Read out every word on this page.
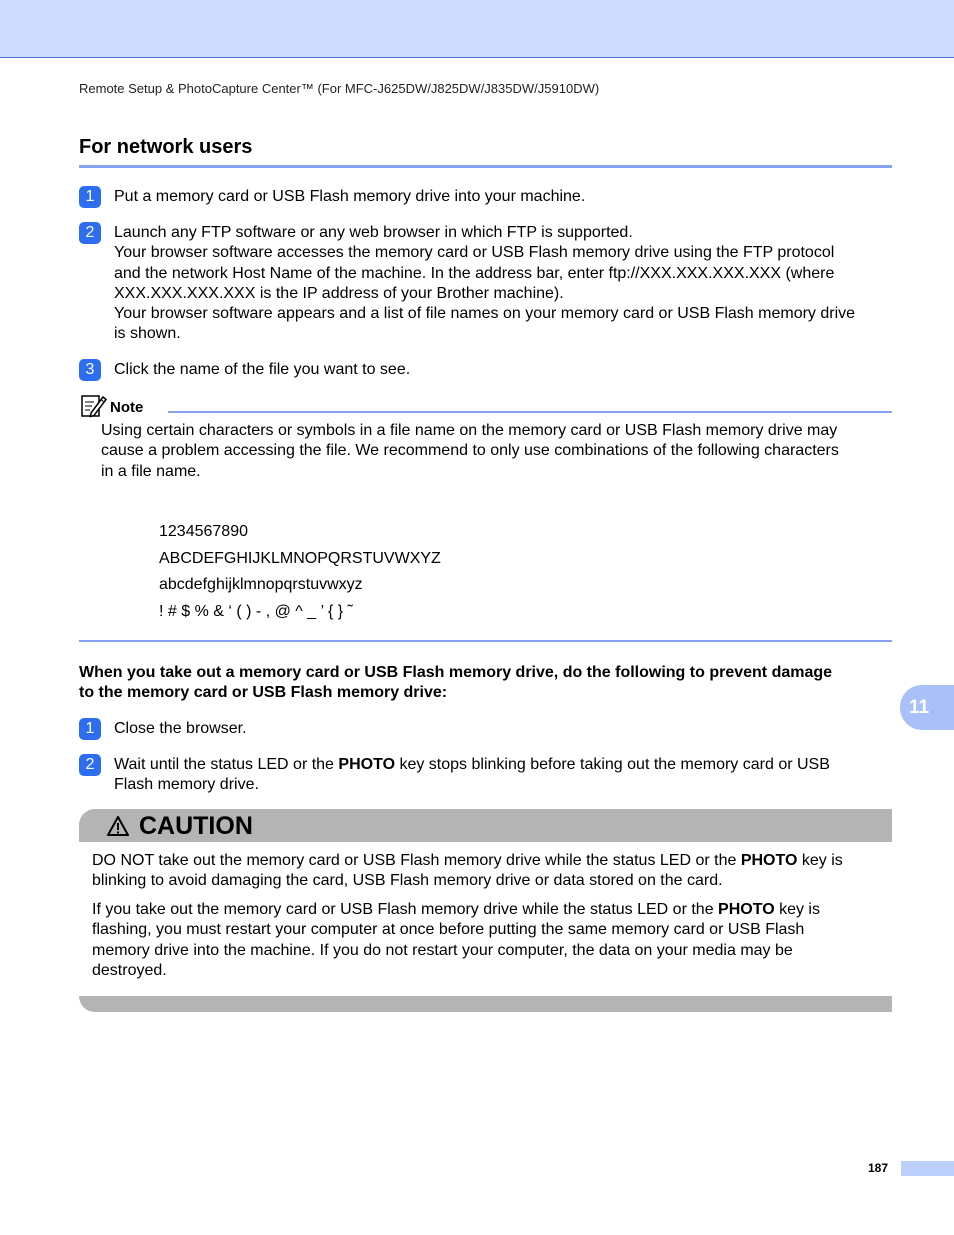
Remote Setup & PhotoCapture Center™ (For MFC-J625DW/J825DW/J835DW/J5910DW)
For network users
1	Put a memory card or USB Flash memory drive into your machine.
2	Launch any FTP software or any web browser in which FTP is supported.
Your browser software accesses the memory card or USB Flash memory drive using the FTP protocol
and the network Host Name of the machine. In the address bar, enter ftp://XXX.XXX.XXX.XXX (where
XXX.XXX.XXX.XXX is the IP address of your Brother machine).
Your browser software appears and a list of file names on your memory card or USB Flash memory drive
is shown.
3	Click the name of the file you want to see.
Note
Using certain characters or symbols in a file name on the memory card or USB Flash memory drive may
cause a problem accessing the file. We recommend to only use combinations of the following characters
in a file name.
1234567890
ABCDEFGHIJKLMNOPQRSTUVWXYZ
abcdefghijklmnopqrstuvwxyz
! # $ % & ‘ ( ) - , @ ^ _ ’ { } ˜
When you take out a memory card or USB Flash memory drive, do the following to prevent damage
to the memory card or USB Flash memory drive:
11
1	Close the browser.
2	Wait until the status LED or the PHOTO key stops blinking before taking out the memory card or USB
Flash memory drive.
CAUTION
DO NOT take out the memory card or USB Flash memory drive while the status LED or the PHOTO key is
blinking to avoid damaging the card, USB Flash memory drive or data stored on the card.
If you take out the memory card or USB Flash memory drive while the status LED or the PHOTO key is
flashing, you must restart your computer at once before putting the same memory card or USB Flash
memory drive into the machine. If you do not restart your computer, the data on your media may be
destroyed.
187
